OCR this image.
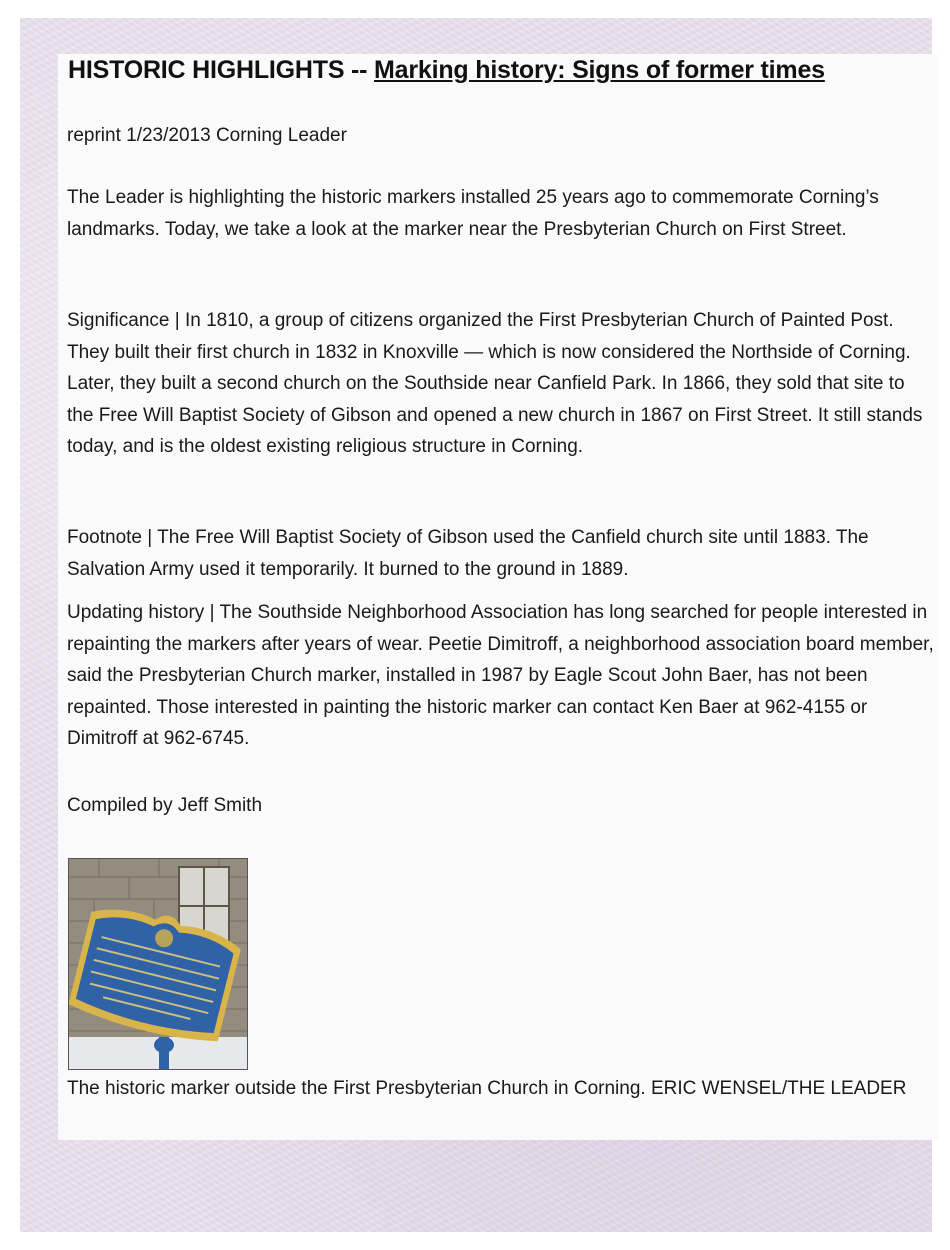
HISTORIC HIGHLIGHTS -- Marking history: Signs of former times
reprint 1/23/2013 Corning Leader
The Leader is highlighting the historic markers installed 25 years ago to commemorate Corning’s landmarks. Today, we take a look at the marker near the Presbyterian Church on First Street.
Significance | In 1810, a group of citizens organized the First Presbyterian Church of Painted Post. They built their first church in 1832 in Knoxville — which is now considered the Northside of Corning. Later, they built a second church on the Southside near Canfield Park. In 1866, they sold that site to the Free Will Baptist Society of Gibson and opened a new church in 1867 on First Street. It still stands today, and is the oldest existing religious structure in Corning.
Footnote | The Free Will Baptist Society of Gibson used the Canfield church site until 1883. The Salvation Army used it temporarily. It burned to the ground in 1889.
Updating history | The Southside Neighborhood Association has long searched for people interested in repainting the markers after years of wear. Peetie Dimitroff, a neighborhood association board member, said the Presbyterian Church marker, installed in 1987 by Eagle Scout John Baer, has not been repainted. Those interested in painting the historic marker can contact Ken Baer at 962-4155 or Dimitroff at 962-6745.
Compiled by Jeff Smith
The historic marker outside the First Presbyterian Church in Corning. ERIC WENSEL/THE LEADER
